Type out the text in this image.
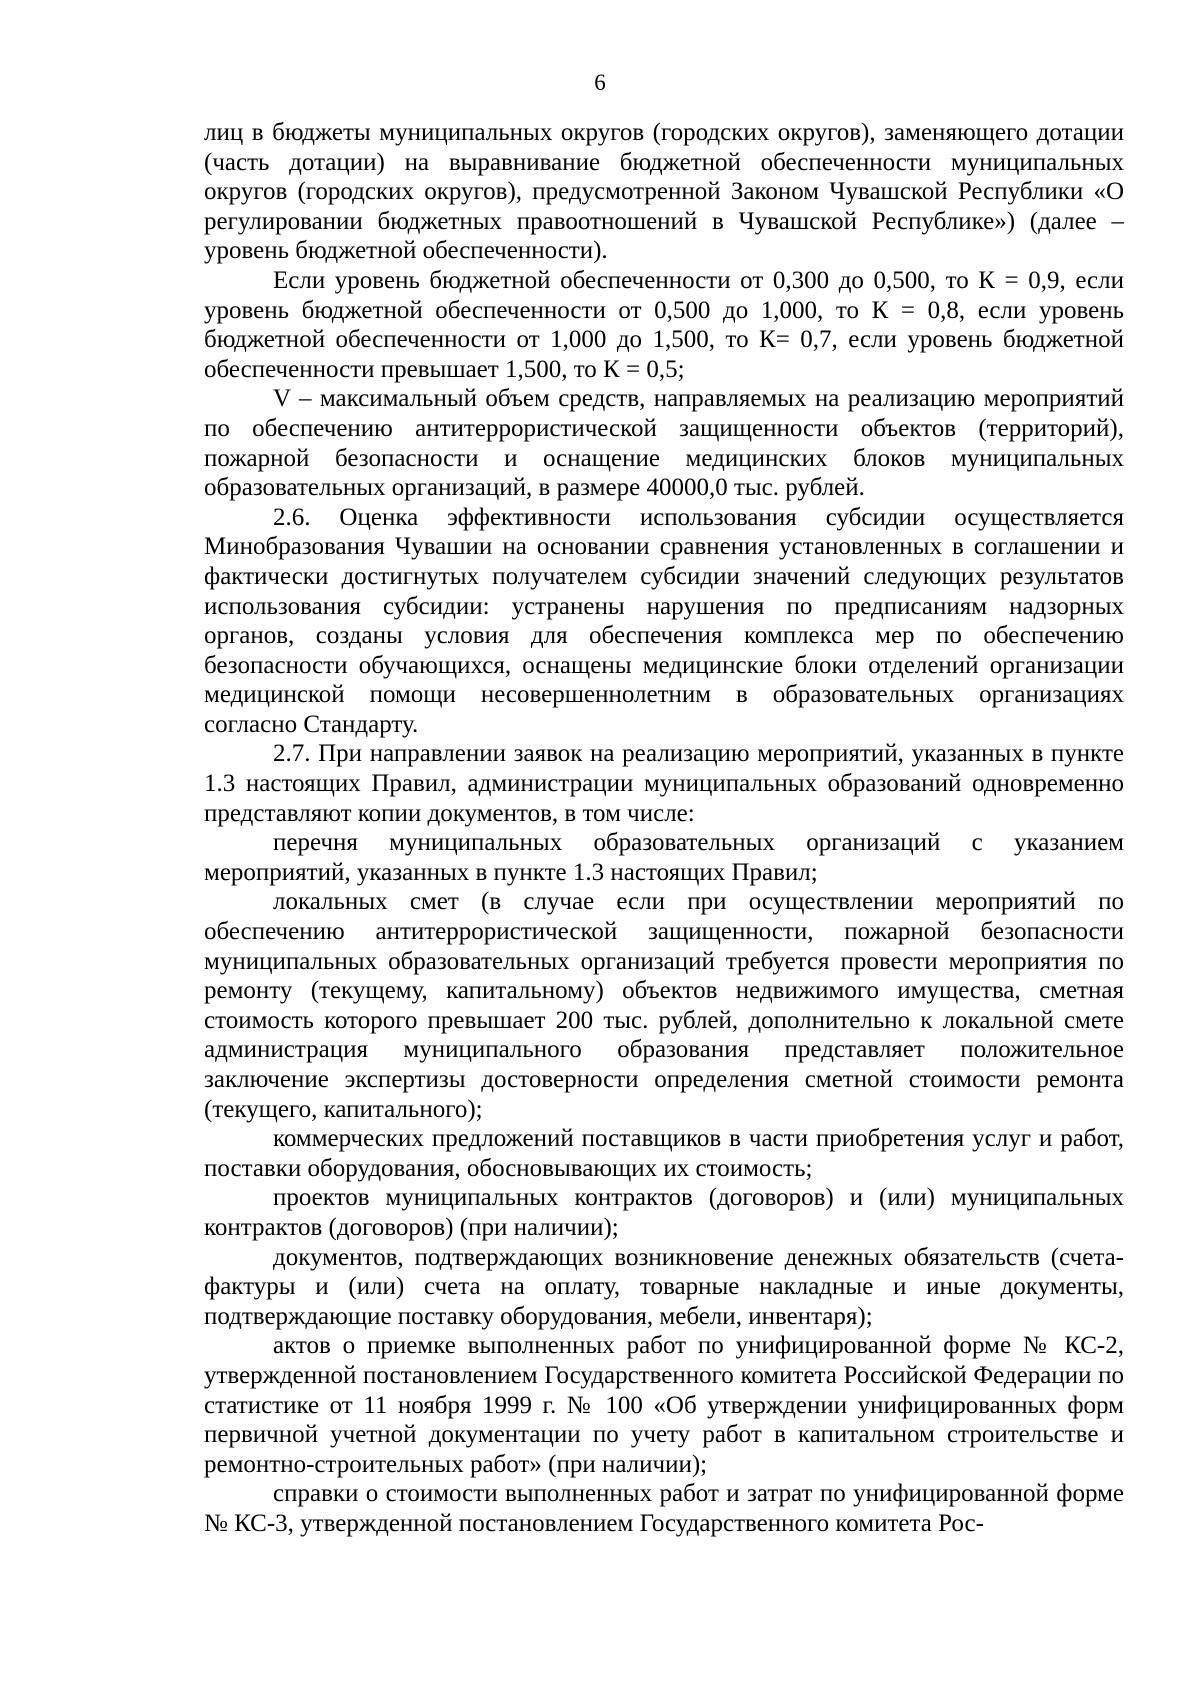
6

лиц в бюджеты муниципальных округов (городских округов), заменяющего дотации (часть дотации) на выравнивание бюджетной обеспеченности муниципальных округов (городских округов), предусмотренной Законом Чувашской Республики «О регулировании бюджетных правоотношений в Чувашской Республике») (далее – уровень бюджетной обеспеченности).

Если уровень бюджетной обеспеченности от 0,300 до 0,500, то К = 0,9, если уровень бюджетной обеспеченности от 0,500 до 1,000, то К = 0,8, если уровень бюджетной обеспеченности от 1,000 до 1,500, то К= 0,7, если уровень бюджетной обеспеченности превышает 1,500, то К = 0,5;

V – максимальный объем средств, направляемых на реализацию мероприятий по обеспечению антитеррористической защищенности объектов (территорий), пожарной безопасности и оснащение медицинских блоков муниципальных образовательных организаций, в размере 40000,0 тыс. рублей.

2.6. Оценка эффективности использования субсидии осуществляется Минобразования Чувашии на основании сравнения установленных в соглашении и фактически достигнутых получателем субсидии значений следующих результатов использования субсидии: устранены нарушения по предписаниям надзорных органов, созданы условия для обеспечения комплекса мер по обеспечению безопасности обучающихся, оснащены медицинские блоки отделений организации медицинской помощи несовершеннолетним в образовательных организациях согласно Стандарту.

2.7. При направлении заявок на реализацию мероприятий, указанных в пункте 1.3 настоящих Правил, администрации муниципальных образований одновременно представляют копии документов, в том числе:

перечня муниципальных образовательных организаций с указанием мероприятий, указанных в пункте 1.3 настоящих Правил;

локальных смет (в случае если при осуществлении мероприятий по обеспечению антитеррористической защищенности, пожарной безопасности муниципальных образовательных организаций требуется провести мероприятия по ремонту (текущему, капитальному) объектов недвижимого имущества, сметная стоимость которого превышает 200 тыс. рублей, дополнительно к локальной смете администрация муниципального образования представляет положительное заключение экспертизы достоверности определения сметной стоимости ремонта (текущего, капитального);

коммерческих предложений поставщиков в части приобретения услуг и работ, поставки оборудования, обосновывающих их стоимость;

проектов муниципальных контрактов (договоров) и (или) муниципальных контрактов (договоров) (при наличии);

документов, подтверждающих возникновение денежных обязательств (счета-фактуры и (или) счета на оплату, товарные накладные и иные документы, подтверждающие поставку оборудования, мебели, инвентаря);

актов о приемке выполненных работ по унифицированной форме № КС-2, утвержденной постановлением Государственного комитета Российской Федерации по статистике от 11 ноября 1999 г. № 100 «Об утверждении унифицированных форм первичной учетной документации по учету работ в капитальном строительстве и ремонтно-строительных работ» (при наличии);

справки о стоимости выполненных работ и затрат по унифицированной форме № КС-3, утвержденной постановлением Государственного комитета Рос-
